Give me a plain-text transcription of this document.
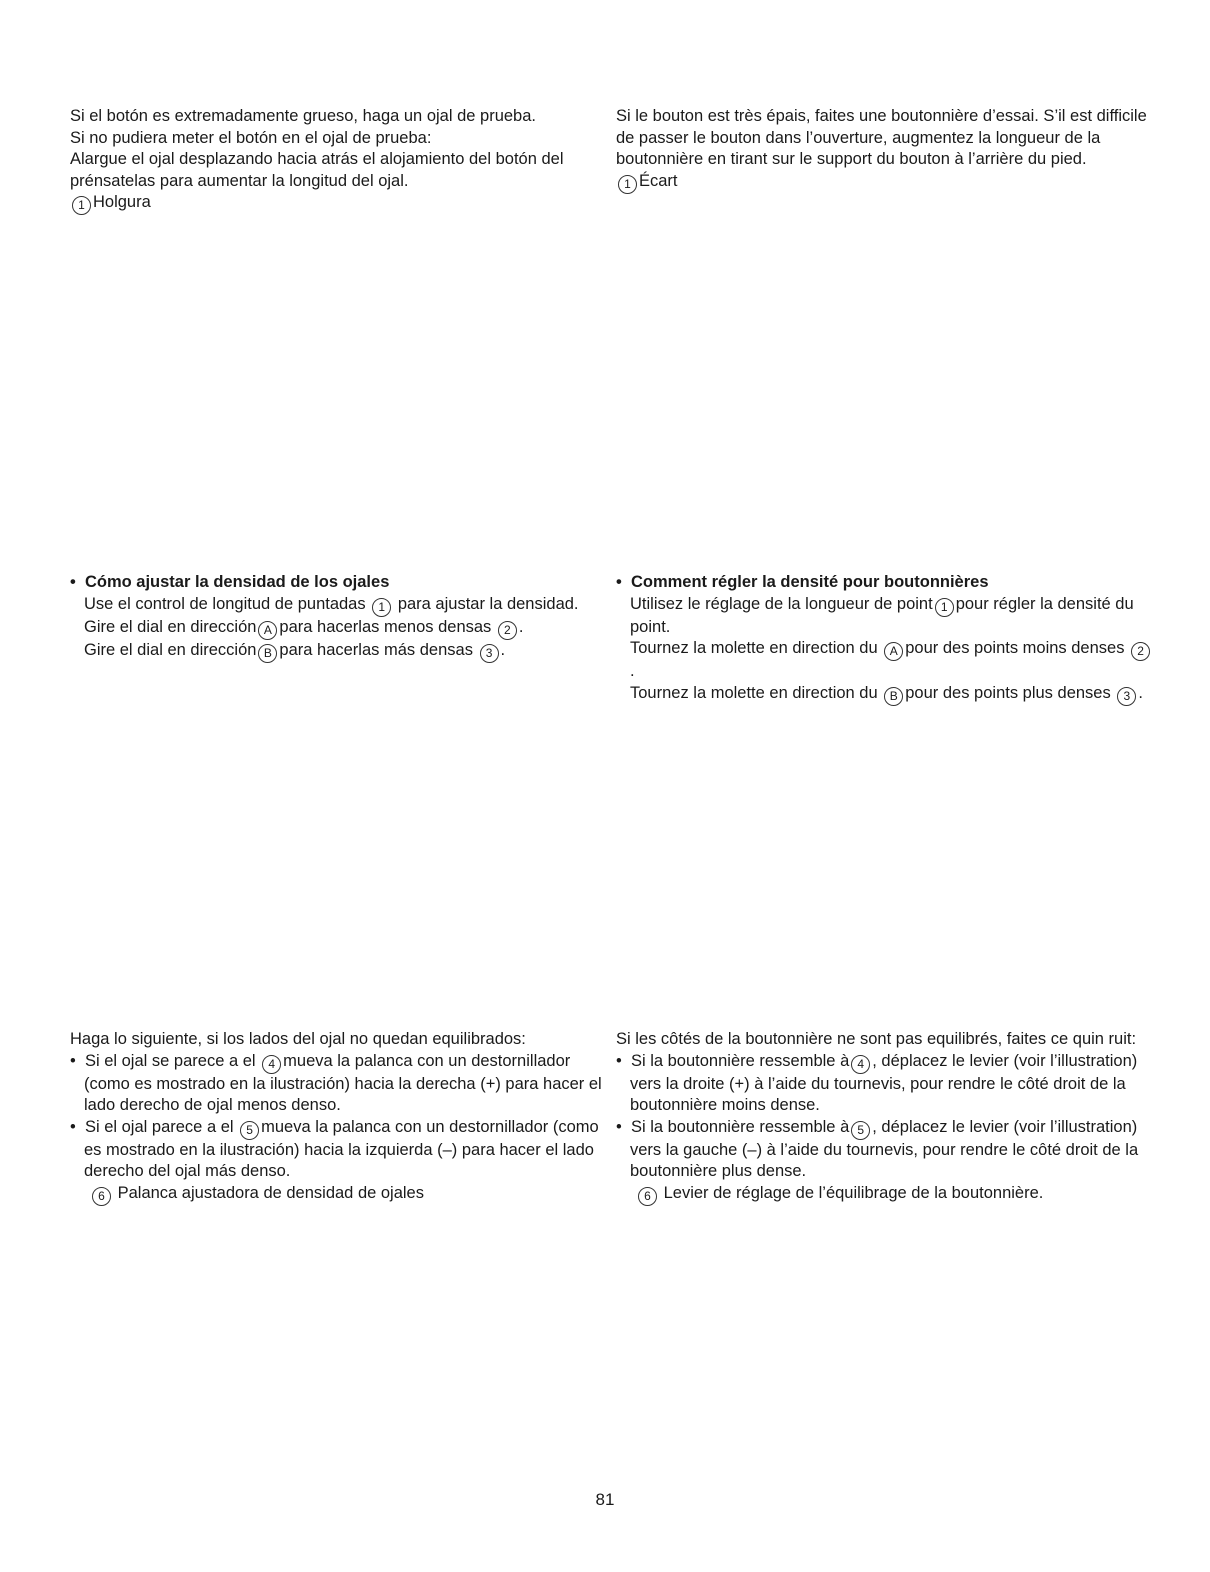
Si el botón es extremadamente grueso, haga un ojal de prueba.

Si no pudiera meter el botón en el ojal de prueba:

Alargue el ojal desplazando hacia atrás el alojamiento del botón del prénsatelas para aumentar la longitud del ojal.

1 Holgura

• Cómo ajustar la densidad de los ojales

Use el control de longitud de puntadas 1 para ajustar la densidad.

Gire el dial en dirección A para hacerlas menos densas 2 .

Gire el dial en dirección B para hacerlas más densas 3 .

Haga lo siguiente, si los lados del ojal no quedan equilibrados:

• Si el ojal se parece a el 4 mueva la palanca con un destornillador (como es mostrado en la ilustración) hacia la derecha (+) para hacer el lado derecho de ojal menos denso.

• Si el ojal parece a el 5 mueva la palanca con un destornillador (como es mostrado en la ilustración) hacia la izquierda (–) para hacer el lado derecho del ojal más denso.

6 Palanca ajustadora de densidad de ojales

Si le bouton est très épais, faites une boutonnière d’essai. S’il est difficile de passer le bouton dans l’ouverture, augmentez la longueur de la boutonnière en tirant sur le support du bouton à l’arrière du pied.

1 Écart

• Comment régler la densité pour boutonnières

Utilisez le réglage de la longueur de point 1 pour régler la densité du point.

Tournez la molette en direction du A pour des points moins denses 2.

Tournez la molette en direction du B pour des points plus denses 3 .

Si les côtés de la boutonnière ne sont pas equilibrés, faites ce quin ruit:

• Si la boutonnière ressemble à 4 , déplacez le levier (voir l’illustration) vers la droite (+) à l’aide du tournevis, pour rendre le côté droit de la boutonnière moins dense.

• Si la boutonnière ressemble à 5 , déplacez le levier (voir l’illustration) vers la gauche (–) à l’aide du tournevis, pour rendre le côté droit de la boutonnière plus dense.

6 Levier de réglage de l’équilibrage de la boutonnière.

81
